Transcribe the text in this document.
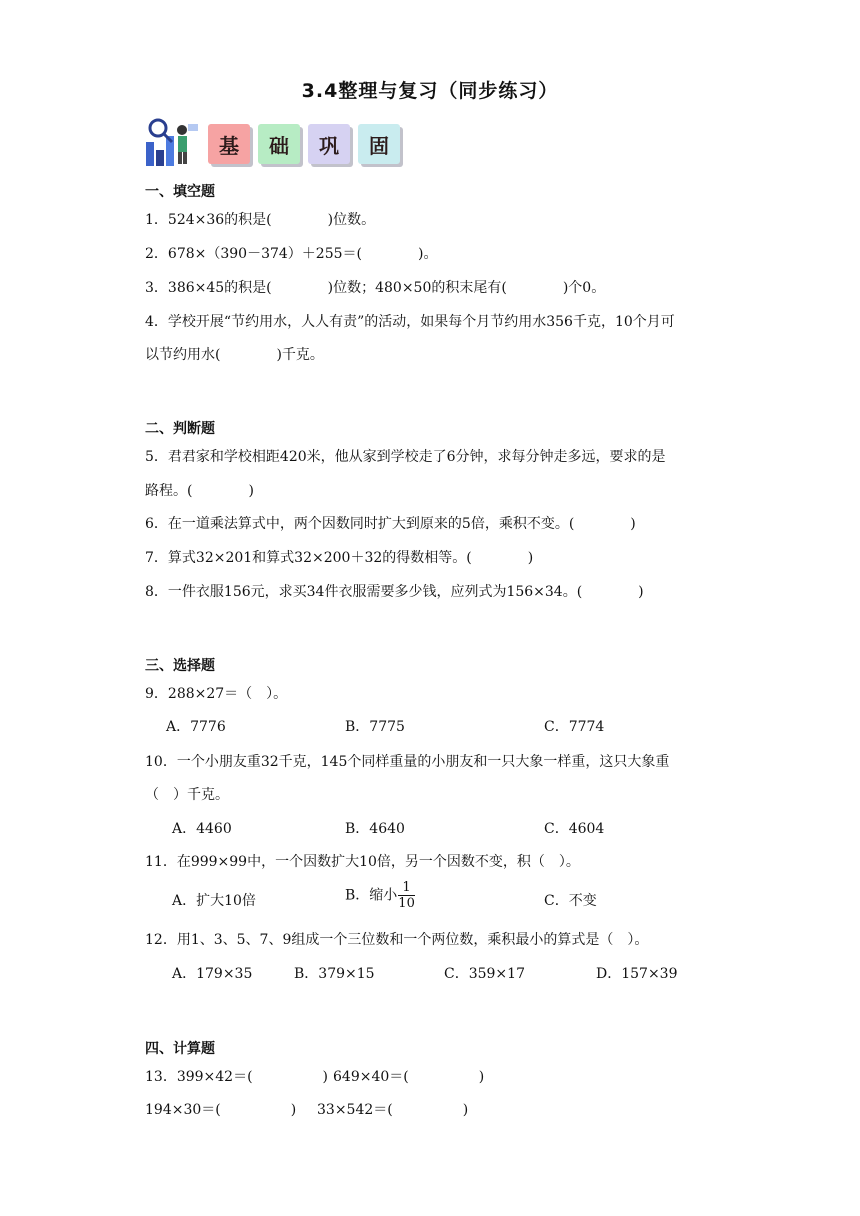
3.4整理与复习（同步练习）
基	础	巩	固
一、填空题
1．524×36的积是(　　　　)位数。
2．678×（390－374）＋255＝(　　　　)。
3．386×45的积是(　　　　)位数；480×50的积末尾有(　　　　)个0。
4．学校开展“节约用水，人人有责”的活动，如果每个月节约用水356千克，10个月可
以节约用水(　　　　)千克。
二、判断题
5．君君家和学校相距420米，他从家到学校走了6分钟，求每分钟走多远，要求的是
路程。(　　　　)
6．在一道乘法算式中，两个因数同时扩大到原来的5倍，乘积不变。(　　　　)
7．算式32×201和算式32×200＋32的得数相等。(　　　　)
8．一件衣服156元，求买34件衣服需要多少钱，应列式为156×34。(　　　　)
三、选择题
9．288×27＝（　）。
A．7776	B．7775	C．7774
10．一个小朋友重32千克，145个同样重量的小朋友和一只大象一样重，这只大象重
（　）千克。
A．4460	B．4640	C．4604
11．在999×99中，一个因数扩大10倍，另一个因数不变，积（　）。
A．扩大10倍	B．缩小 $\frac{1}{10}$	C．不变
12．用1、3、5、7、9组成一个三位数和一个两位数，乘积最小的算式是（　）。
A．179×35	B．379×15	C．359×17	D．157×39
四、计算题
13．399×42＝(　　　　　) 649×40＝(　　　　　)
194×30＝(　　　　　) 33×542＝(　　　　　)
